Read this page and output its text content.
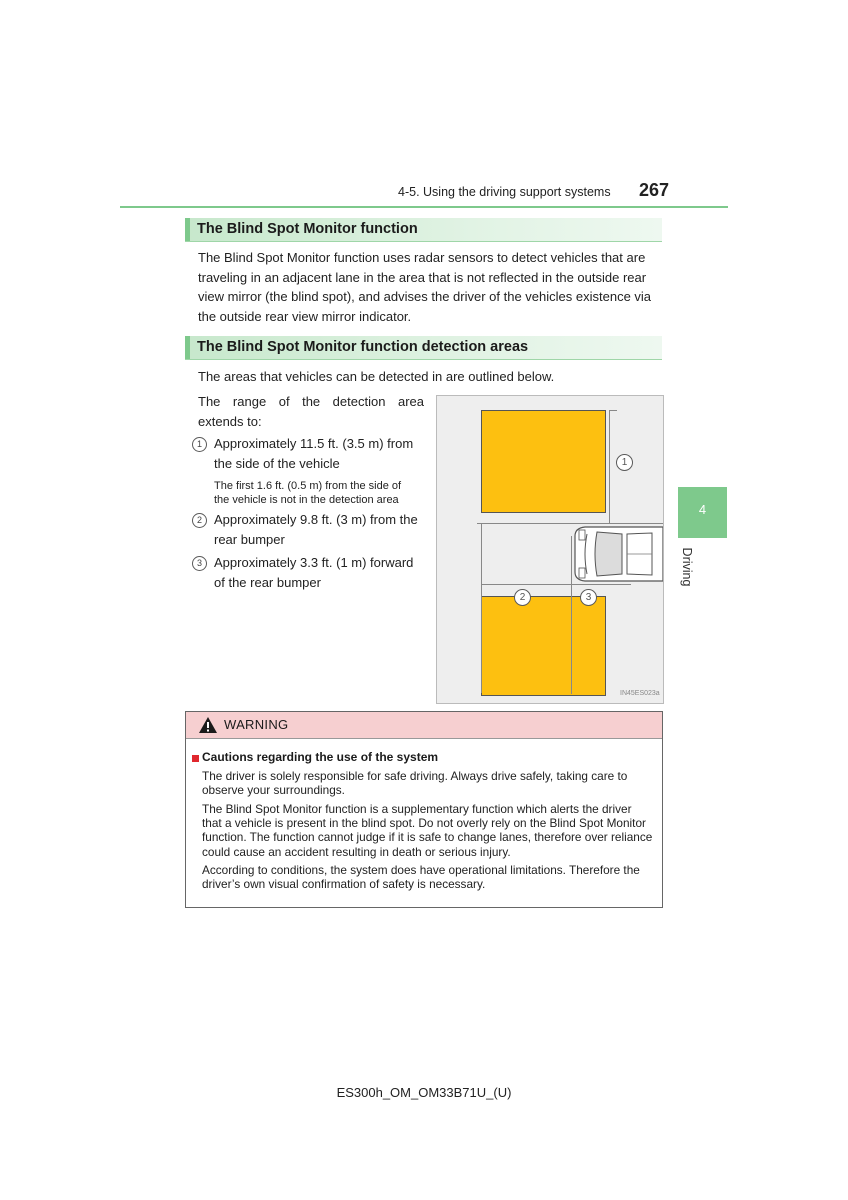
4-5. Using the driving support systems 267
4
Driving
The Blind Spot Monitor function
The Blind Spot Monitor function uses radar sensors to detect vehicles that are
traveling in an adjacent lane in the area that is not reflected in the outside rear
view mirror (the blind spot), and advises the driver of the vehicles existence via
the outside rear view mirror indicator.
The Blind Spot Monitor function detection areas
The areas that vehicles can be detected in are outlined below.
The range of the detection area
extends to:
1 Approximately 11.5 ft. (3.5 m) from
the side of the vehicle
The first 1.6 ft. (0.5 m) from the side of
the vehicle is not in the detection area
2 Approximately 9.8 ft. (3 m) from the
rear bumper
3 Approximately 3.3 ft. (1 m) forward
of the rear bumper
1
2	3
IN45ES023a
WARNING
Cautions regarding the use of the system
The driver is solely responsible for safe driving. Always drive safely, taking care to
observe your surroundings.
The Blind Spot Monitor function is a supplementary function which alerts the driver
that a vehicle is present in the blind spot. Do not overly rely on the Blind Spot Monitor
function. The function cannot judge if it is safe to change lanes, therefore over reliance
could cause an accident resulting in death or serious injury.
According to conditions, the system does have operational limitations. Therefore the
driver’s own visual confirmation of safety is necessary.
ES300h_OM_OM33B71U_(U)
